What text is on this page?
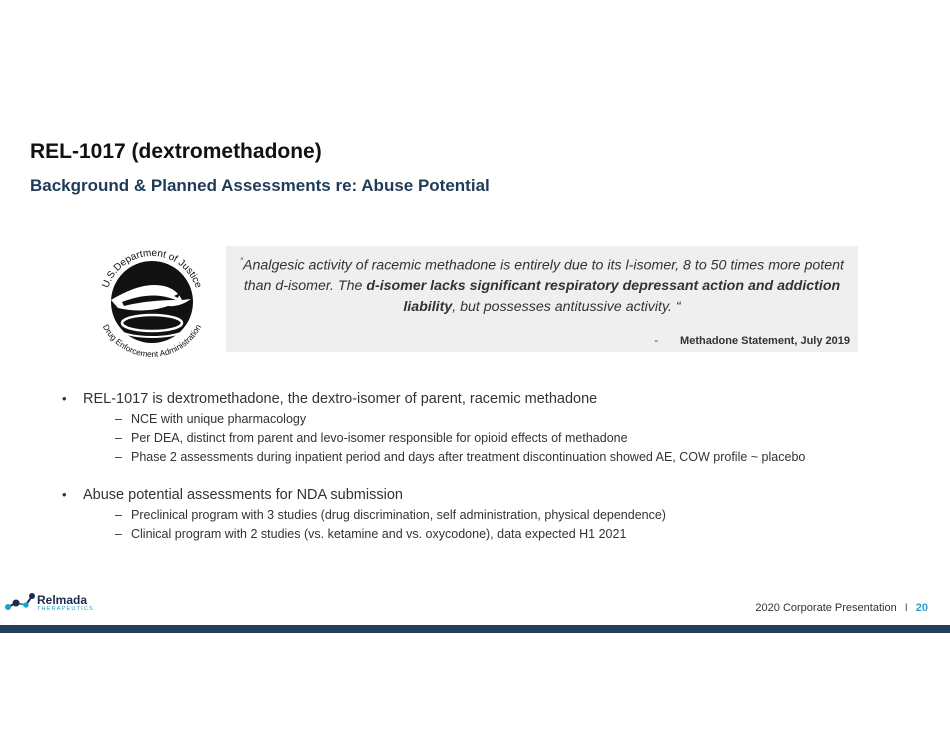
REL-1017 (dextromethadone)
Background & Planned Assessments re: Abuse Potential
U.S.Department of Justice
Drug Enforcement Administration
“Analgesic activity of racemic methadone is entirely due to its l-isomer, 8 to 50 times more potent than d-isomer. The d-isomer lacks significant respiratory depressant action and addiction liability, but possesses antitussive activity. “
- Methadone Statement, July 2019
•	REL-1017 is dextromethadone, the dextro-isomer of parent, racemic methadone
– NCE with unique pharmacology
– Per DEA, distinct from parent and levo-isomer responsible for opioid effects of methadone
– Phase 2 assessments during inpatient period and days after treatment discontinuation showed AE, COW profile ~ placebo
•	Abuse potential assessments for NDA submission
– Preclinical program with 3 studies (drug discrimination, self administration, physical dependence)
– Clinical program with 2 studies (vs. ketamine and vs. oxycodone), data expected H1 2021
Relmada
THERAPEUTICS	2020 Corporate Presentation I 20
